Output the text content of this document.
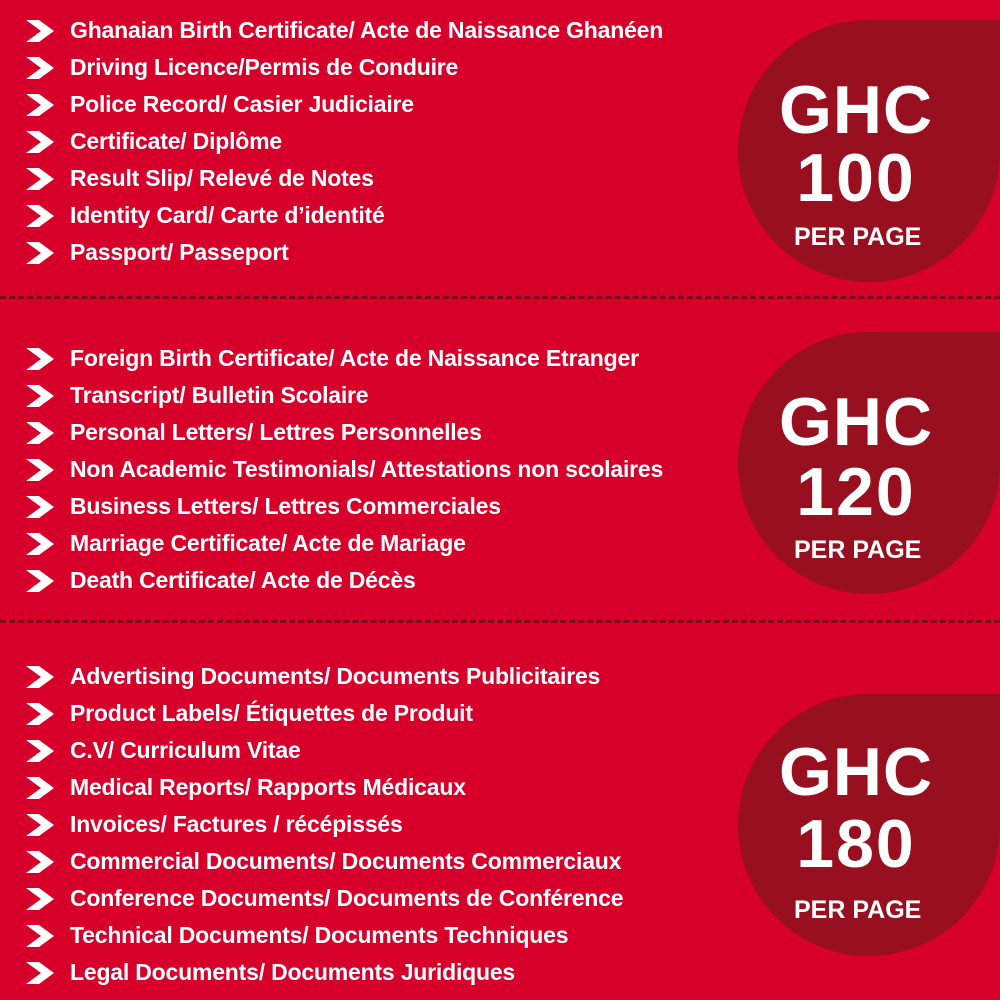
Ghanaian Birth Certificate/ Acte de Naissance Ghanéen
Driving Licence/Permis de Conduire
Police Record/ Casier Judiciaire
Certificate/ Diplôme
Result Slip/ Relevé de Notes
Identity Card/ Carte d’identité
Passport/ Passeport
GHC
100
PER PAGE
Foreign Birth Certificate/ Acte de Naissance Etranger
Transcript/ Bulletin Scolaire
Personal Letters/ Lettres Personnelles
Non Academic Testimonials/ Attestations non scolaires
Business Letters/ Lettres Commerciales
Marriage Certificate/ Acte de Mariage
Death Certificate/ Acte de Décès
GHC
120
PER PAGE
Advertising Documents/ Documents Publicitaires
Product Labels/ Étiquettes de Produit
C.V/ Curriculum Vitae
Medical Reports/ Rapports Médicaux
Invoices/ Factures / récépissés
Commercial Documents/ Documents Commerciaux
Conference Documents/ Documents de Conférence
Technical Documents/ Documents Techniques
Legal Documents/ Documents Juridiques
GHC
180
PER PAGE
